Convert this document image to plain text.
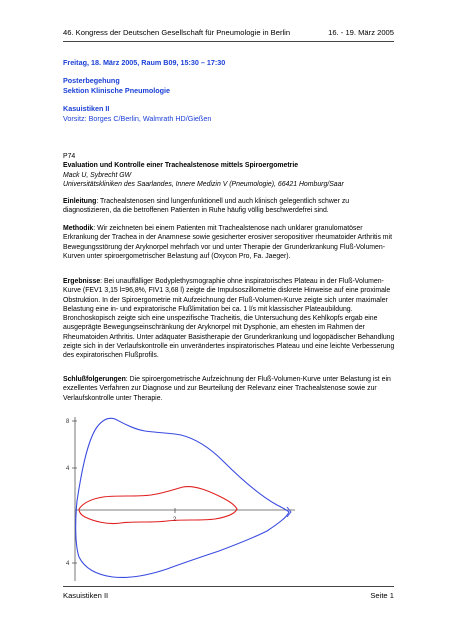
46. Kongress der Deutschen Gesellschaft für Pneumologie in Berlin	16. - 19. März 2005
Freitag, 18. März 2005, Raum B09, 15:30 – 17:30
Posterbegehung
Sektion Klinische Pneumologie
Kasuistiken II
Vorsitz: Borges C/Berlin, Walmrath HD/Gießen

P74

Evaluation und Kontrolle einer Trachealstenose mittels Spiroergometrie

Mack U, Sybrecht GW

Universitätskliniken des Saarlandes, Innere Medizin V (Pneumologie), 66421 Homburg/Saar

Einleitung: Trachealstenosen sind lungenfunktionell und auch klinisch gelegentlich schwer zu diagnostizieren, da die betroffenen Patienten in Ruhe häufig völlig beschwerdefrei sind.

Methodik: Wir zeichneten bei einem Patienten mit Trachealstenose nach unklarer granulomatöser Erkrankung der Trachea in der Anamnese sowie gesicherter erosiver seropositiver rheumatoider Arthritis mit Bewegungsstörung der Aryknorpel mehrfach vor und unter Therapie der Grunderkrankung Fluß-Volumen-Kurven unter spiroergometrischer Belastung auf (Oxycon Pro, Fa. Jaeger).

Ergebnisse: Bei unauffälliger Bodyplethysmographie ohne inspiratorisches Plateau in der Fluß-Volumen-Kurve (FEV1 3,15 l=96,8%, FIV1 3,68 l) zeigte die Impulsoszillometrie diskrete Hinweise auf eine proximale Obstruktion. In der Spiroergometrie mit Aufzeichnung der Fluß-Volumen-Kurve zeigte sich unter maximaler Belastung eine in- und expiratorische Flußlimitation bei ca. 1 l/s mit klassischer Plateaubildung. Bronchoskopisch zeigte sich eine unspezifische Tracheitis, die Untersuchung des Kehlkopfs ergab eine ausgeprägte Bewegungseinschränkung der Aryknorpel mit Dysphonie, am ehesten im Rahmen der Rheumatoiden Arthritis. Unter adäquater Basistherapie der Grunderkrankung und logopädischer Behandlung zeigte sich in der Verlaufskontrolle ein unverändertes inspiratorisches Plateau und eine leichte Verbesserung des expiratorischen Flußprofils.

Schlußfolgerungen: Die spiroergometrische Aufzeichnung der Fluß-Volumen-Kurve unter Belastung ist ein exzellentes Verfahren zur Diagnose und zur Beurteilung der Relevanz einer Trachealstenose sowie zur Verlaufskontrolle unter Therapie.

8
4
4
2
Kasuistiken II	Seite 1
